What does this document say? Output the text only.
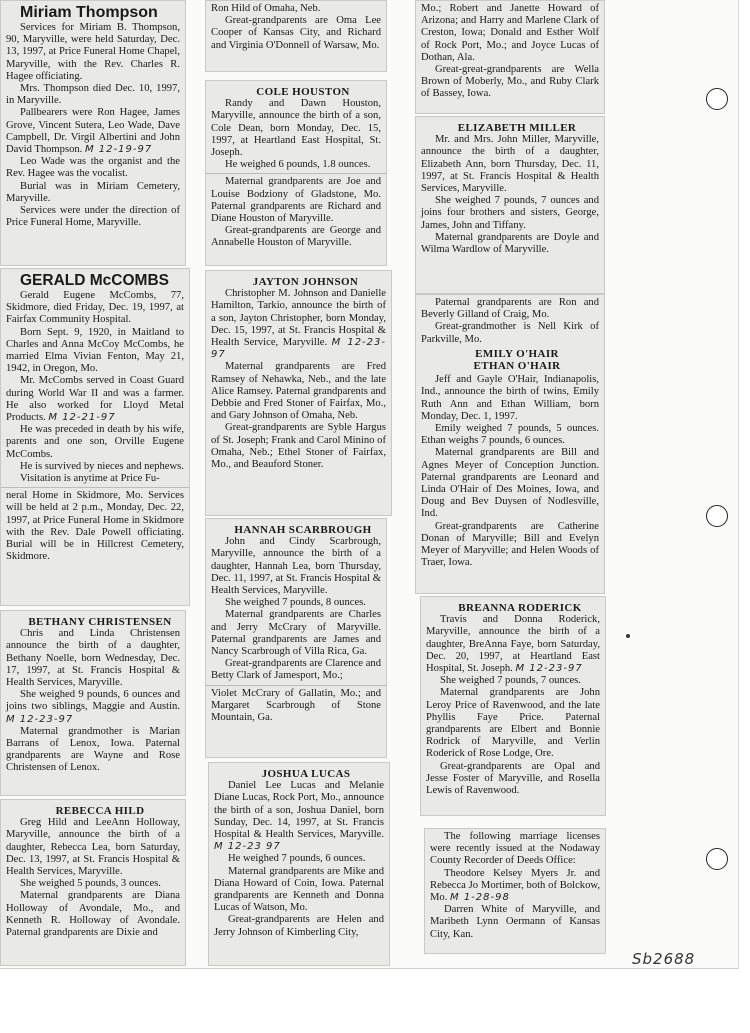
Miriam Thompson

Services for Miriam B. Thompson, 90, Maryville, were held Saturday, Dec. 13, 1997, at Price Funeral Home Chapel, Maryville, with the Rev. Charles R. Hagee officiating.

Mrs. Thompson died Dec. 10, 1997, in Maryville.

Pallbearers were Ron Hagee, James Grove, Vincent Sutera, Leo Wade, Dave Campbell, Dr. Virgil Albertini and John David Thompson. M 12-19-97

Leo Wade was the organist and the Rev. Hagee was the vocalist.

Burial was in Miriam Cemetery, Maryville.

Services were under the direction of Price Funeral Home, Maryville.

GERALD McCOMBS

Gerald Eugene McCombs, 77, Skidmore, died Friday, Dec. 19, 1997, at Fairfax Community Hospital.

Born Sept. 9, 1920, in Maitland to Charles and Anna McCoy McCombs, he married Elma Vivian Fenton, May 21, 1942, in Oregon, Mo.

Mr. McCombs served in Coast Guard during World War II and was a farmer. He also worked for Lloyd Metal Products. M 12-21-97

He was preceded in death by his wife, parents and one son, Orville Eugene McCombs.

He is survived by nieces and nephews.

Visitation is anytime at Price Fu-

neral Home in Skidmore, Mo. Services will be held at 2 p.m., Monday, Dec. 22, 1997, at Price Funeral Home in Skidmore with the Rev. Dale Powell officiating. Burial will be in Hillcrest Cemetery, Skidmore.

BETHANY CHRISTENSEN

Chris and Linda Christensen announce the birth of a daughter, Bethany Noelle, born Wednesday, Dec. 17, 1997, at St. Francis Hospital & Health Services, Maryville.

She weighed 9 pounds, 6 ounces and joins two siblings, Maggie and Austin. M 12-23-97

Maternal grandmother is Marian Barrans of Lenox, Iowa. Paternal grandparents are Wayne and Rose Christensen of Lenox.

REBECCA HILD

Greg Hild and LeeAnn Holloway, Maryville, announce the birth of a daughter, Rebecca Lea, born Saturday, Dec. 13, 1997, at St. Francis Hospital & Health Services, Maryville.

She weighed 5 pounds, 3 ounces.

Maternal grandparents are Diana Holloway of Avondale, Mo., and Kenneth R. Holloway of Avondale. Paternal grandparents are Dixie and

Ron Hild of Omaha, Neb.

Great-grandparents are Oma Lee Cooper of Kansas City, and Richard and Virginia O'Donnell of Warsaw, Mo.

COLE HOUSTON

Randy and Dawn Houston, Maryville, announce the birth of a son, Cole Dean, born Monday, Dec. 15, 1997, at Heartland East Hospital, St. Joseph.

He weighed 6 pounds, 1.8 ounces.

Maternal grandparents are Joe and Louise Bodziony of Gladstone, Mo. Paternal grandparents are Richard and Diane Houston of Maryville.

Great-grandparents are George and Annabelle Houston of Maryville.

JAYTON JOHNSON

Christopher M. Johnson and Danielle Hamilton, Tarkio, announce the birth of a son, Jayton Christopher, born Monday, Dec. 15, 1997, at St. Francis Hospital & Health Service, Maryville. M 12-23-97

Maternal grandparents are Fred Ramsey of Nehawka, Neb., and the late Alice Ramsey. Paternal grandparents and Debbie and Fred Stoner of Fairfax, Mo., and Gary Johnson of Omaha, Neb.

Great-grandparents are Syble Hargus of St. Joseph; Frank and Carol Minino of Omaha, Neb.; Ethel Stoner of Fairfax, Mo., and Beauford Stoner.

HANNAH SCARBROUGH

John and Cindy Scarbrough, Maryville, announce the birth of a daughter, Hannah Lea, born Thursday, Dec. 11, 1997, at St. Francis Hospital & Health Services, Maryville.

She weighed 7 pounds, 8 ounces.

Maternal grandparents are Charles and Jerry McCrary of Maryville. Paternal grandparents are James and Nancy Scarbrough of Villa Rica, Ga.

Great-grandparents are Clarence and Betty Clark of Jamesport, Mo.;

Violet McCrary of Gallatin, Mo.; and Margaret Scarbrough of Stone Mountain, Ga.

JOSHUA LUCAS

Daniel Lee Lucas and Melanie Diane Lucas, Rock Port, Mo., announce the birth of a son, Joshua Daniel, born Sunday, Dec. 14, 1997, at St. Francis Hospital & Health Services, Maryville. M 12-23 97

He weighed 7 pounds, 6 ounces.

Maternal grandparents are Mike and Diana Howard of Coin, Iowa. Paternal grandparents are Kenneth and Donna Lucas of Watson, Mo.

Great-grandparents are Helen and Jerry Johnson of Kimberling City,

Mo.; Robert and Janette Howard of Arizona; and Harry and Marlene Clark of Creston, Iowa; Donald and Esther Wolf of Rock Port, Mo.; and Joyce Lucas of Dothan, Ala.

Great-great-grandparents are Wella Brown of Moberly, Mo., and Ruby Clark of Bassey, Iowa.

ELIZABETH MILLER

Mr. and Mrs. John Miller, Maryville, announce the birth of a daughter, Elizabeth Ann, born Thursday, Dec. 11, 1997, at St. Francis Hospital & Health Services, Maryville.

She weighed 7 pounds, 7 ounces and joins four brothers and sisters, George, James, John and Tiffany.

Maternal grandparents are Doyle and Wilma Wardlow of Maryville.

Paternal grandparents are Ron and Beverly Gilland of Craig, Mo.

Great-grandmother is Nell Kirk of Parkville, Mo.

EMILY O'HAIR

ETHAN O'HAIR

Jeff and Gayle O'Hair, Indianapolis, Ind., announce the birth of twins, Emily Ruth Ann and Ethan William, born Monday, Dec. 1, 1997.

Emily weighed 7 pounds, 5 ounces. Ethan weighs 7 pounds, 6 ounces.

Maternal grandparents are Bill and Agnes Meyer of Conception Junction. Paternal grandparents are Leonard and Linda O'Hair of Des Moines, Iowa, and Doug and Bev Duysen of Nodlesville, Ind.

Great-grandparents are Catherine Donan of Maryville; Bill and Evelyn Meyer of Maryville; and Helen Woods of Traer, Iowa.

BREANNA RODERICK

Travis and Donna Roderick, Maryville, announce the birth of a daughter, BreAnna Faye, born Saturday, Dec. 20, 1997, at Heartland East Hospital, St. Joseph. M 12-23-97

She weighed 7 pounds, 7 ounces.

Maternal grandparents are John Leroy Price of Ravenwood, and the late Phyllis Faye Price. Paternal grandparents are Elbert and Bonnie Rodrick of Maryville, and Verlin Roderick of Rose Lodge, Ore.

Great-grandparents are Opal and Jesse Foster of Maryville, and Rosella Lewis of Ravenwood.

The following marriage licenses were recently issued at the Nodaway County Recorder of Deeds Office:

Theodore Kelsey Myers Jr. and Rebecca Jo Mortimer, both of Bolckow, Mo. M 1-28-98

Darren White of Maryville, and Maribeth Lynn Oermann of Kansas City, Kan.

Sb2688
